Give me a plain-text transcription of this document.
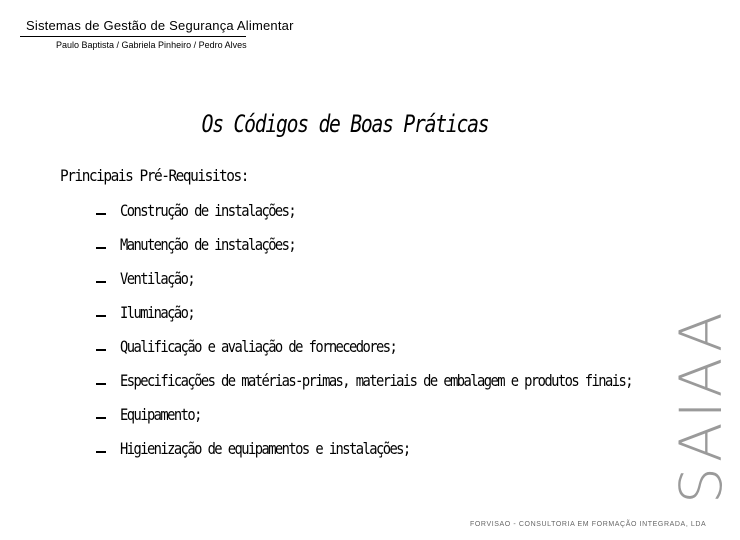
Sistemas de Gestão de Segurança Alimentar
Paulo Baptista / Gabriela Pinheiro / Pedro Alves
Os Códigos de Boas Práticas
Principais Pré-Requisitos:
Construção de instalações;
Manutenção de instalações;
Ventilação;
Iluminação;
Qualificação e avaliação de fornecedores;
Especificações de matérias-primas, materiais de embalagem e produtos finais;
Equipamento;
Higienização de equipamentos e instalações;	SAIAA
FORVISAO - CONSULTORIA EM FORMAÇÃO INTEGRADA, LDA
